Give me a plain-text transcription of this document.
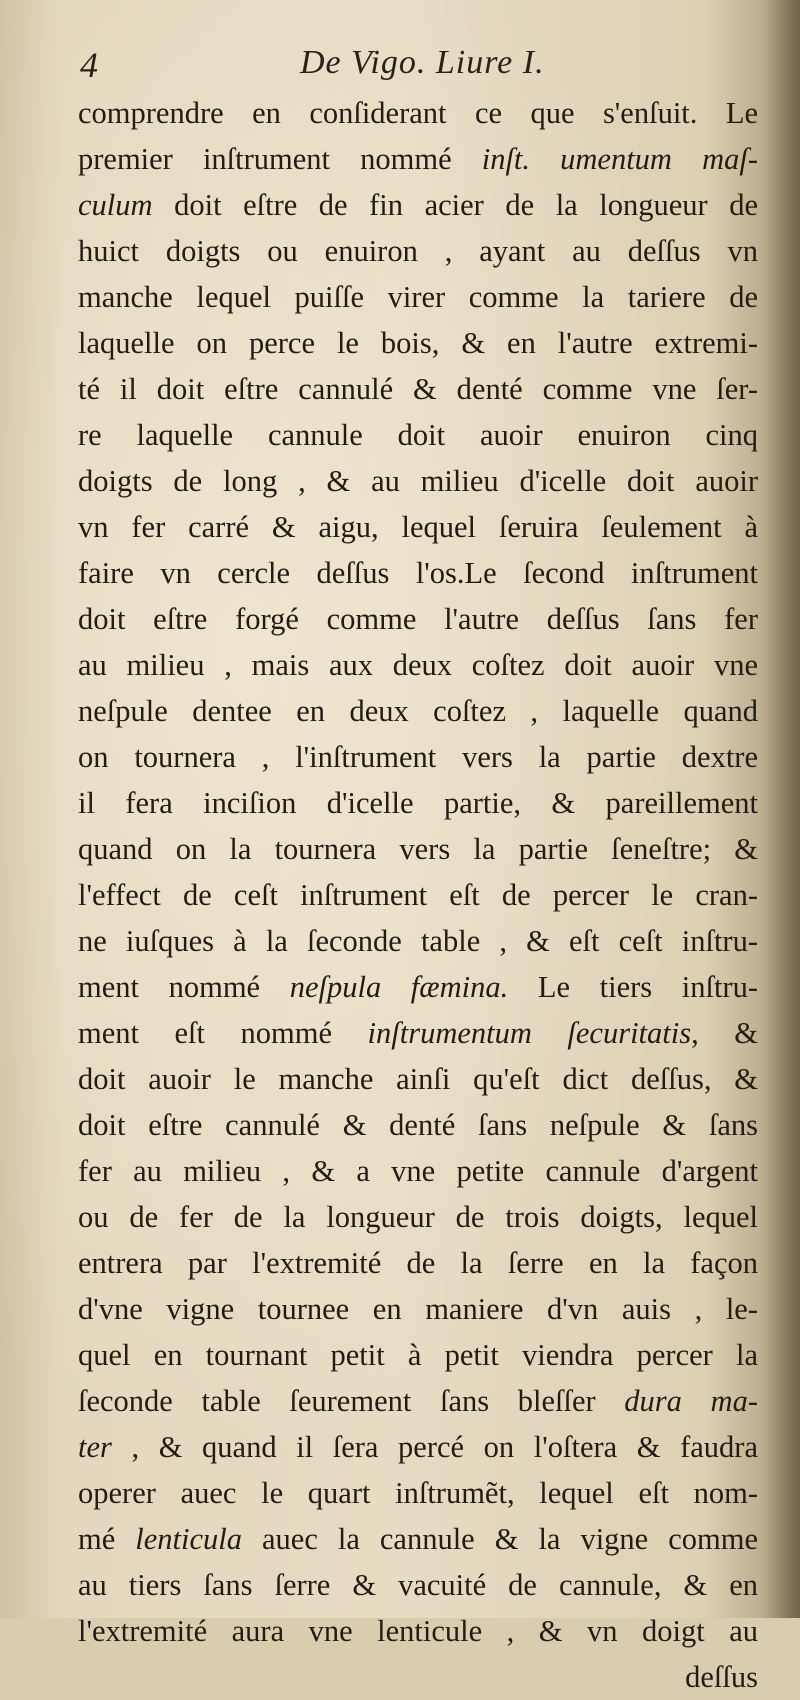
4	De Vigo. Liure I.
comprendre en conſiderant ce que s'enſuit. Le
premier inſtrument nommé inſt. umentum maſ-
culum doit eſtre de fin acier de la longueur de
huict doigts ou enuiron , ayant au deſſus vn
manche lequel puiſſe virer comme la tariere de
laquelle on perce le bois, & en l'autre extremi-
té il doit eſtre cannulé & denté comme vne ſer-
re laquelle cannule doit auoir enuiron cinq
doigts de long , & au milieu d'icelle doit auoir
vn fer carré & aigu, lequel ſeruira ſeulement à
faire vn cercle deſſus l'os.Le ſecond inſtrument
doit eſtre forgé comme l'autre deſſus ſans fer
au milieu , mais aux deux coſtez doit auoir vne
neſpule dentee en deux coſtez , laquelle quand
on tournera , l'inſtrument vers la partie dextre
il fera inciſion d'icelle partie, & pareillement
quand on la tournera vers la partie ſeneſtre; &
l'effect de ceſt inſtrument eſt de percer le cran-
ne iuſques à la ſeconde table , & eſt ceſt inſtru-
ment nommé neſpula fæmina. Le tiers inſtru-
ment eſt nommé inſtrumentum ſecuritatis, &
doit auoir le manche ainſi qu'eſt dict deſſus, &
doit eſtre cannulé & denté ſans neſpule & ſans
fer au milieu , & a vne petite cannule d'argent
ou de fer de la longueur de trois doigts, lequel
entrera par l'extremité de la ſerre en la façon
d'vne vigne tournee en maniere d'vn auis , le-
quel en tournant petit à petit viendra percer la
ſeconde table ſeurement ſans bleſſer dura ma-
ter , & quand il ſera percé on l'oſtera & faudra
operer auec le quart inſtrumẽt, lequel eſt nom-
mé lenticula auec la cannule & la vigne comme
au tiers ſans ſerre & vacuité de cannule, & en
l'extremité aura vne lenticule , & vn doigt au
deſſus
